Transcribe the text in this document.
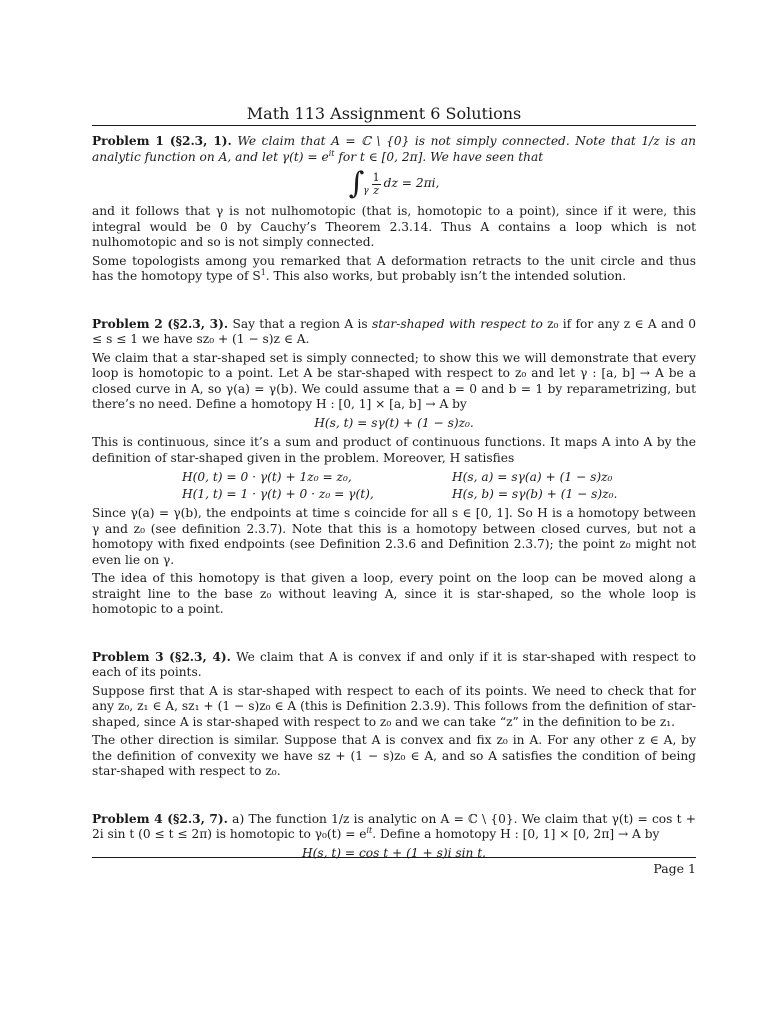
Math 113 Assignment 6 Solutions

Problem 1 (§2.3, 1). We claim that A = ℂ \ {0} is not simply connected. Note that 1/z is an analytic function on A, and let $\gamma(t) = e^{it}$ for t ∈ [0, 2π]. We have seen that

∫ γ $\frac{1}{z}$ dz = 2πi,

and it follows that γ is not nulhomotopic (that is, homotopic to a point), since if it were, this integral would be 0 by Cauchy’s Theorem 2.3.14. Thus A contains a loop which is not nulhomotopic and so is not simply connected.

Some topologists among you remarked that A deformation retracts to the unit circle and thus has the homotopy type of $S^1$. This also works, but probably isn’t the intended solution.

Problem 2 (§2.3, 3). Say that a region A is star-shaped with respect to z₀ if for any z ∈ A and 0 ≤ s ≤ 1 we have sz₀ + (1 − s)z ∈ A.

We claim that a star-shaped set is simply connected; to show this we will demonstrate that every loop is homotopic to a point. Let A be star-shaped with respect to z₀ and let γ : [a, b] → A be a closed curve in A, so γ(a) = γ(b). We could assume that a = 0 and b = 1 by reparametrizing, but there’s no need. Define a homotopy H : [0, 1] × [a, b] → A by

H(s, t) = sγ(t) + (1 − s)z₀.

This is continuous, since it’s a sum and product of continuous functions. It maps A into A by the definition of star-shaped given in the problem. Moreover, H satisfies

H(0, t) = 0 · γ(t) + 1z₀ = z₀,	H(s, a) = sγ(a) + (1 − s)z₀
H(1, t) = 1 · γ(t) + 0 · z₀ = γ(t),	H(s, b) = sγ(b) + (1 − s)z₀.

Since γ(a) = γ(b), the endpoints at time s coincide for all s ∈ [0, 1]. So H is a homotopy between γ and z₀ (see definition 2.3.7). Note that this is a homotopy between closed curves, but not a homotopy with fixed endpoints (see Definition 2.3.6 and Definition 2.3.7); the point z₀ might not even lie on γ.

The idea of this homotopy is that given a loop, every point on the loop can be moved along a straight line to the base z₀ without leaving A, since it is star-shaped, so the whole loop is homotopic to a point.

Problem 3 (§2.3, 4). We claim that A is convex if and only if it is star-shaped with respect to each of its points.

Suppose first that A is star-shaped with respect to each of its points. We need to check that for any z₀, z₁ ∈ A, sz₁ + (1 − s)z₀ ∈ A (this is Definition 2.3.9). This follows from the definition of star-shaped, since A is star-shaped with respect to z₀ and we can take “z” in the definition to be z₁.

The other direction is similar. Suppose that A is convex and fix z₀ in A. For any other z ∈ A, by the definition of convexity we have sz + (1 − s)z₀ ∈ A, and so A satisfies the condition of being star-shaped with respect to z₀.

Problem 4 (§2.3, 7). a) The function 1/z is analytic on A = ℂ \ {0}. We claim that γ(t) = cos t + 2i sin t (0 ≤ t ≤ 2π) is homotopic to $\gamma_0(t) = e^{it}$. Define a homotopy H : [0, 1] × [0, 2π] → A by

H(s, t) = cos t + (1 + s)i sin t.
Page 1
